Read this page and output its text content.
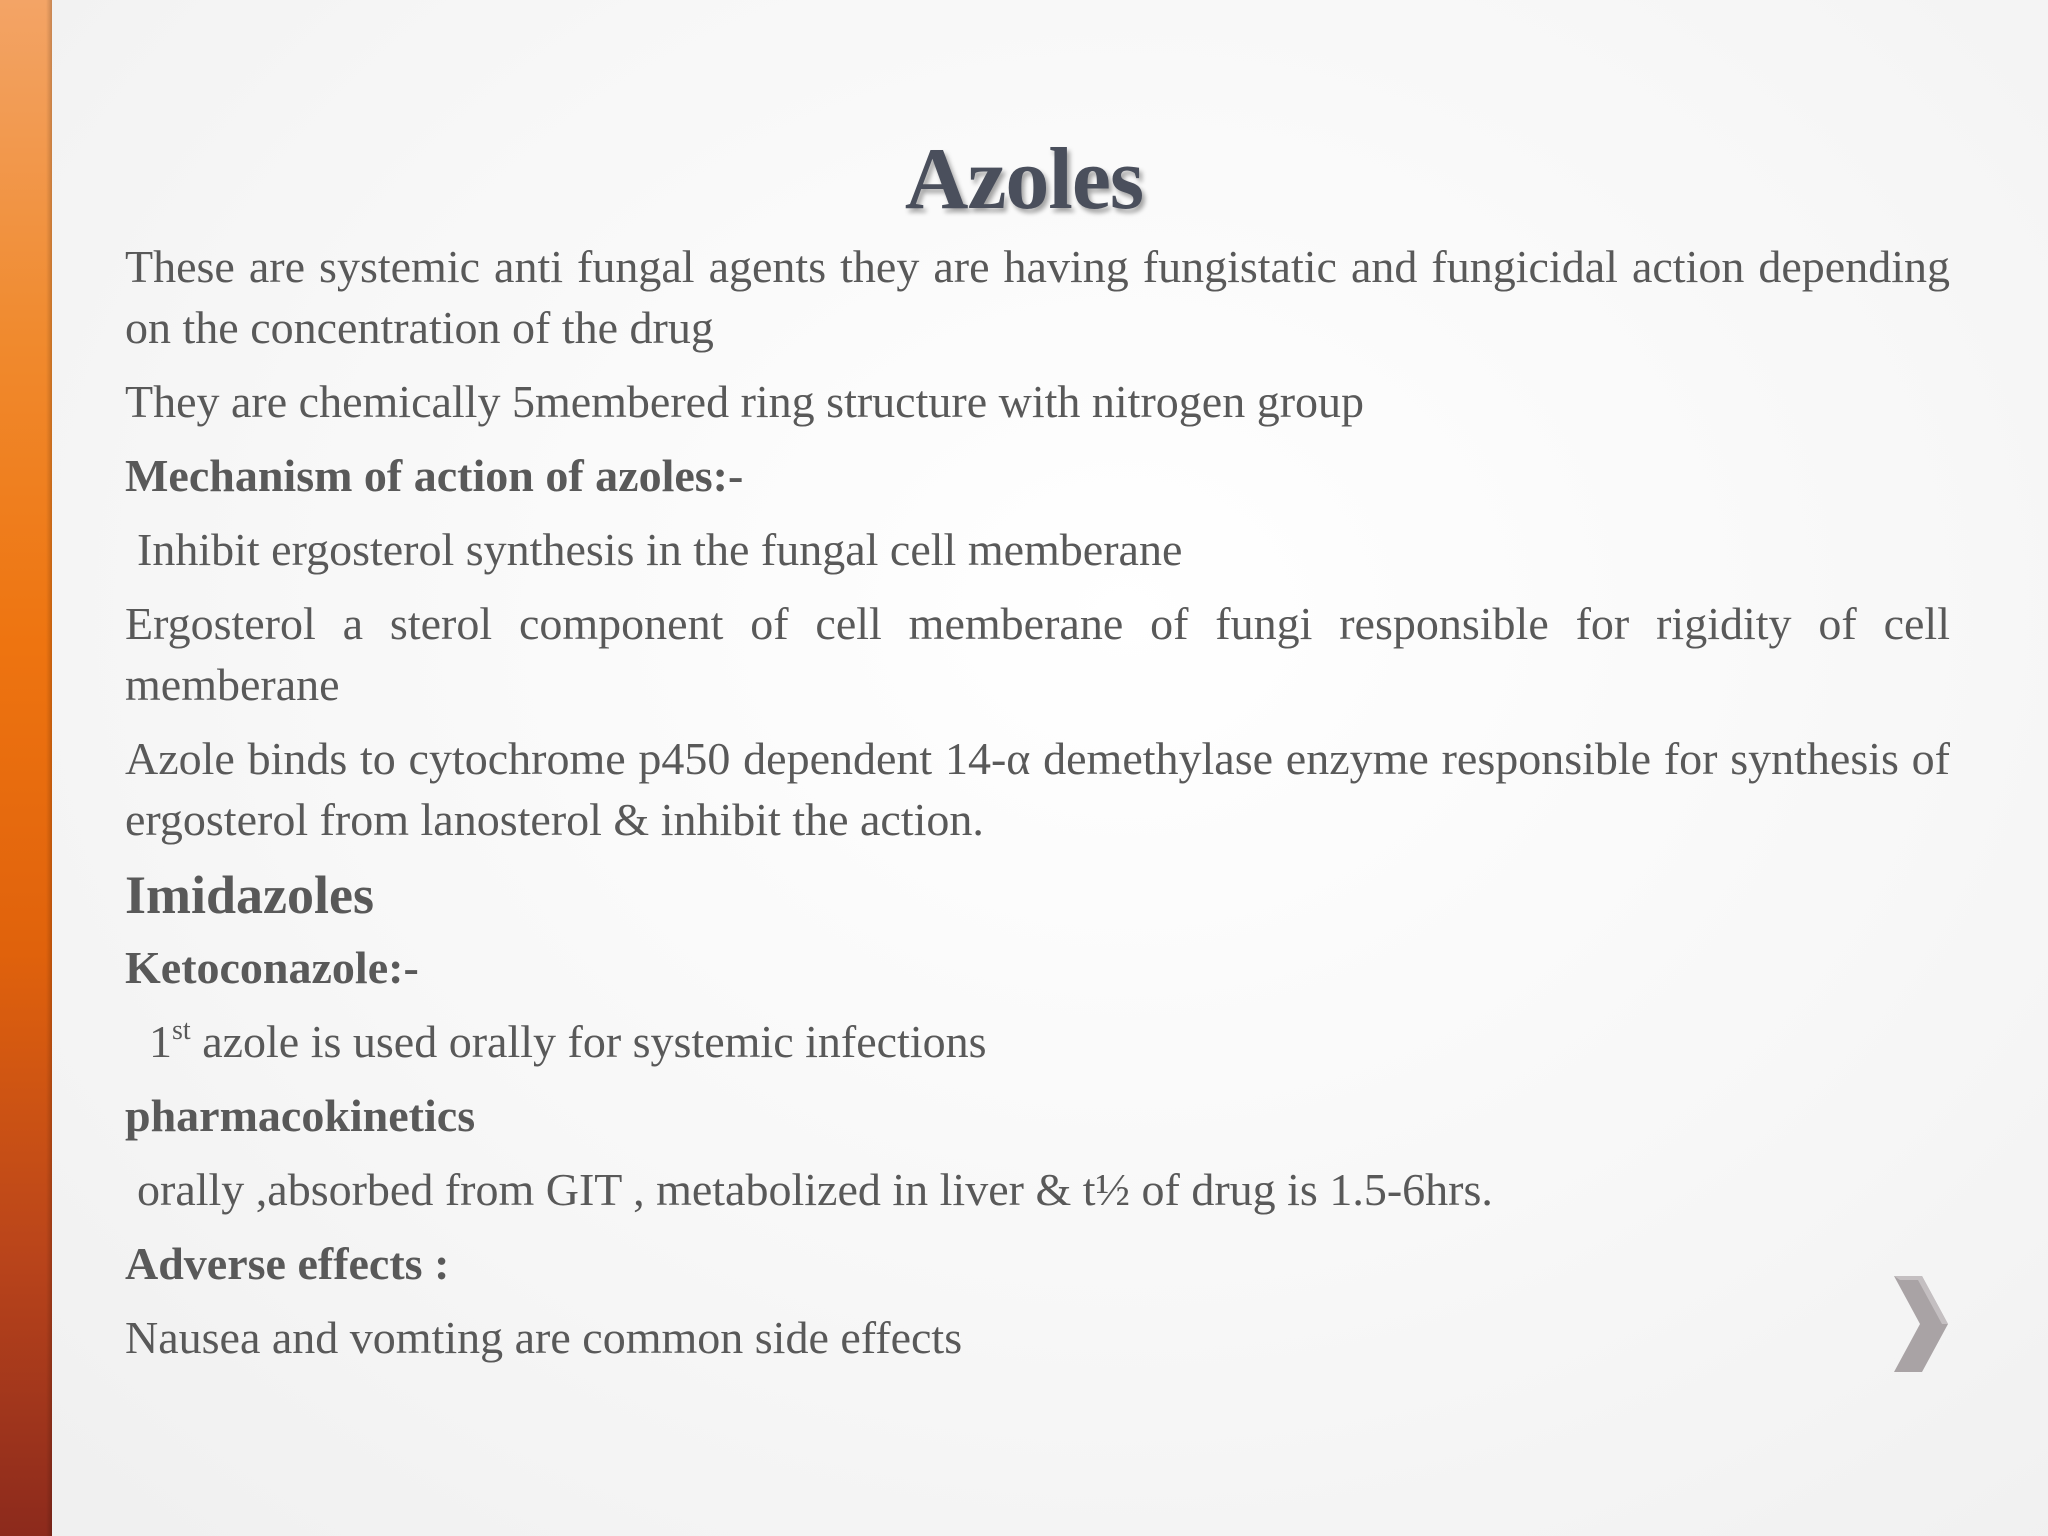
Azoles

These are systemic anti fungal agents they are having fungistatic and fungicidal action depending on the concentration of the drug

They are chemically 5membered ring structure with nitrogen group

Mechanism of action of azoles:-

Inhibit ergosterol synthesis in the fungal cell memberane

Ergosterol a sterol component of cell memberane of fungi responsible for rigidity of cell memberane

Azole binds to cytochrome p450 dependent 14-α demethylase enzyme responsible for synthesis of ergosterol from lanosterol & inhibit the action.

Imidazoles

Ketoconazole:-

1st azole is used orally for systemic infections

pharmacokinetics

orally ,absorbed from GIT , metabolized in liver & t½ of drug is 1.5-6hrs.

Adverse effects :

Nausea and vomting are common side effects
